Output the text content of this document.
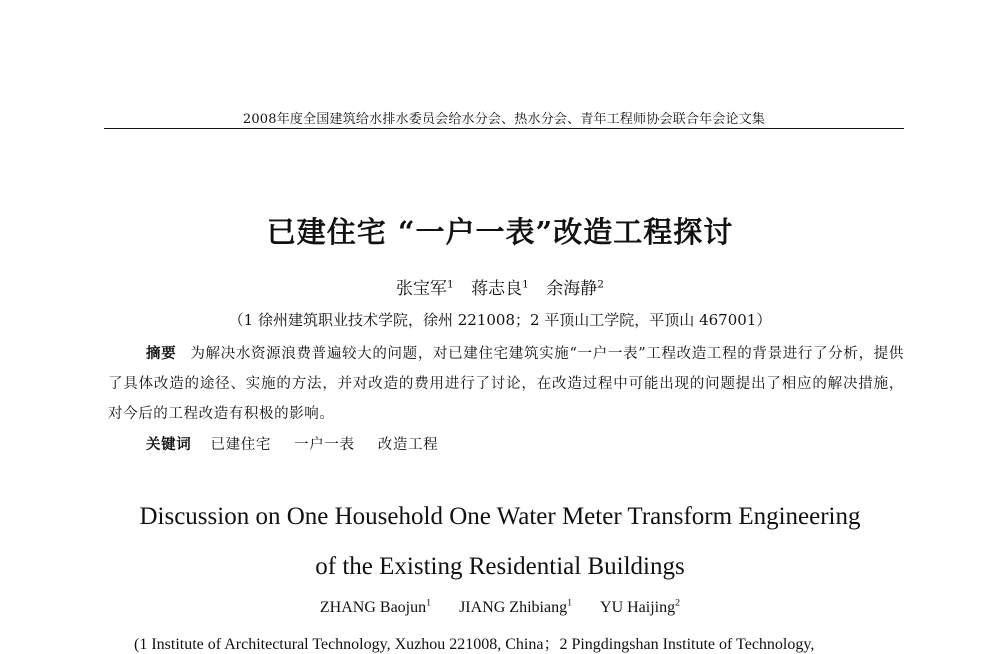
2008年度全国建筑给水排水委员会给水分会、热水分会、青年工程师协会联合年会论文集
已建住宅 “一户一表”改造工程探讨
张宝军$^1$ 蒋志良$^1$ 余海静$^2$
（1 徐州建筑职业技术学院，徐州 221008；2 平顶山工学院，平顶山 467001）
摘要 为解决水资源浪费普遍较大的问题，对已建住宅建筑实施“一户一表”工程改造工程的背景进行了分析，提供了具体改造的途径、实施的方法，并对改造的费用进行了讨论，在改造过程中可能出现的问题提出了相应的解决措施，对今后的工程改造有积极的影响。
关键词 已建住宅 一户一表 改造工程
Discussion on One Household One Water Meter Transform Engineering
of the Existing Residential Buildings
ZHANG Baojun$^1$ JIANG Zhibiang$^1$ YU Haijing$^2$
(1 Institute of Architectural Technology, Xuzhou 221008, China；2 Pingdingshan Institute of Technology,
